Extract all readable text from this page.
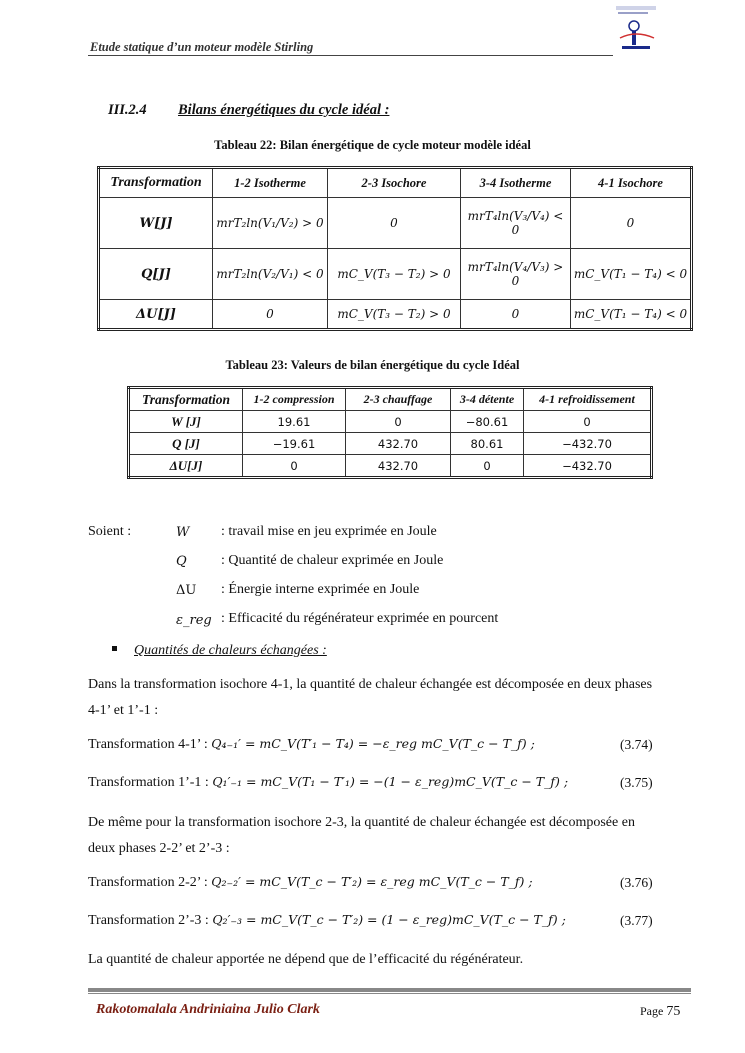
Etude statique d’un moteur modèle Stirling
III.2.4 Bilans énergétiques du cycle idéal :
Tableau 22: Bilan énergétique de cycle moteur modèle idéal
Transformation	1-2 Isotherme	2-3 Isochore	3-4 Isotherme	4-1 Isochore
W[J]	mrT₂ln(V₁/V₂) > 0	0	mrT₄ln(V₃/V₄) < 0	0
Q[J]	mrT₂ln(V₂/V₁) < 0	mC_V(T₃ − T₂) > 0	mrT₄ln(V₄/V₃) > 0	mC_V(T₁ − T₄) < 0
ΔU[J]	0	mC_V(T₃ − T₂) > 0	0	mC_V(T₁ − T₄) < 0
Tableau 23: Valeurs de bilan énergétique du cycle Idéal
Transformation	1-2 compression	2-3 chauffage	3-4 détente	4-1 refroidissement
W [J]	19.61	0	−80.61	0
Q [J]	−19.61	432.70	80.61	−432.70
ΔU[J]	0	432.70	0	−432.70
Soient :	W : travail mise en jeu exprimée en Joule
Q : Quantité de chaleur exprimée en Joule
ΔU : Énergie interne exprimée en Joule
ε_reg : Efficacité du régénérateur exprimée en pourcent
Quantités de chaleurs échangées :
Dans la transformation isochore 4-1, la quantité de chaleur échangée est décomposée en deux phases 4-1’ et 1’-1 :
Transformation 4-1’ : Q₄₋₁′ = mC_V(T′₁ − T₄) = −ε_reg mC_V(T_c − T_f) ;	(3.74)
Transformation 1’-1 : Q₁′₋₁ = mC_V(T₁ − T′₁) = −(1 − ε_reg)mC_V(T_c − T_f) ;	(3.75)
De même pour la transformation isochore 2-3, la quantité de chaleur échangée est décomposée en deux phases 2-2’ et 2’-3 :
Transformation 2-2’ : Q₂₋₂′ = mC_V(T_c − T′₂) = ε_reg mC_V(T_c − T_f) ;	(3.76)
Transformation 2’-3 : Q₂′₋₃ = mC_V(T_c − T′₂) = (1 − ε_reg)mC_V(T_c − T_f) ;	(3.77)
La quantité de chaleur apportée ne dépend que de l’efficacité du régénérateur.
Rakotomalala Andriniaina Julio Clark	Page 75
